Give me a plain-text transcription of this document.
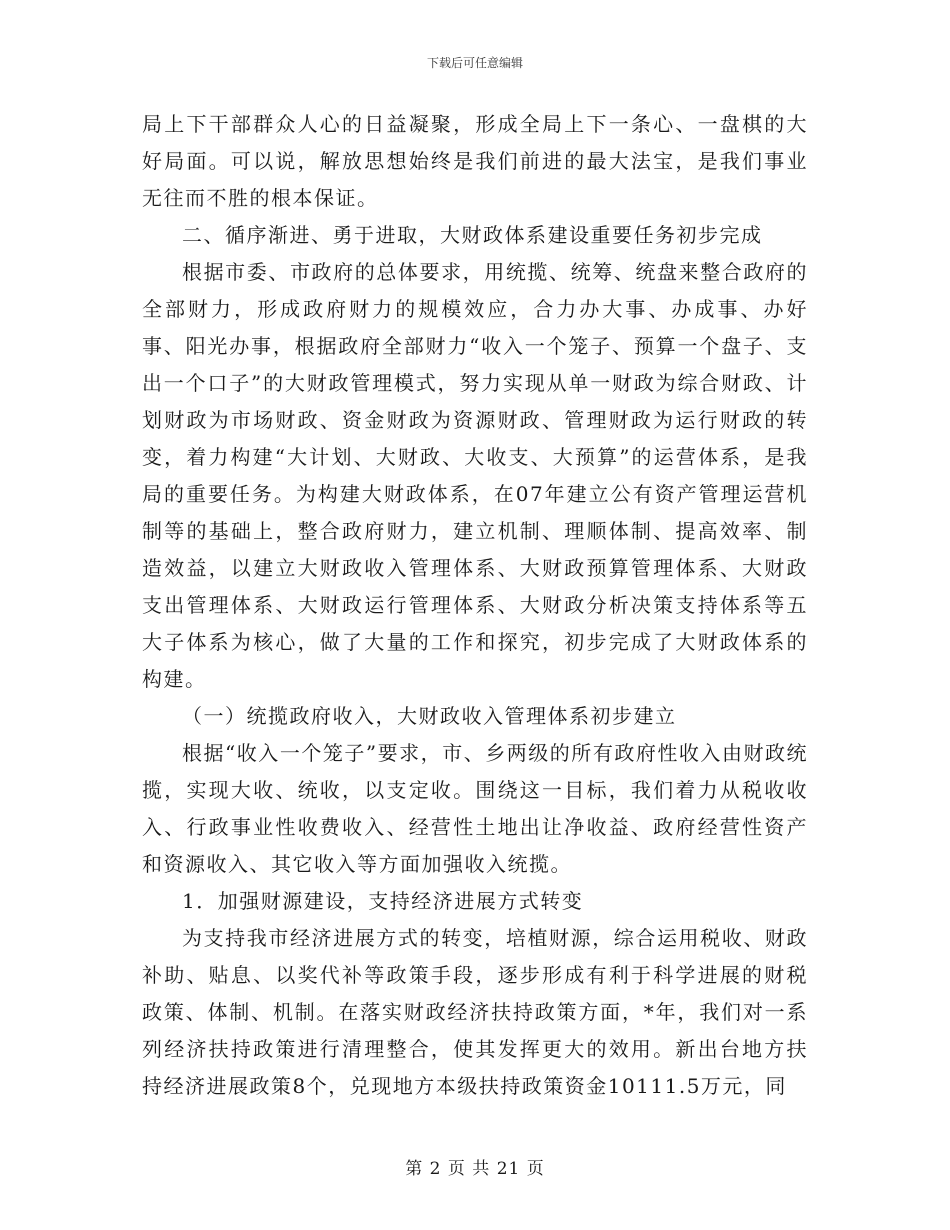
下载后可任意编辑

局上下干部群众人心的日益凝聚，形成全局上下一条心、一盘棋的大好局面。可以说，解放思想始终是我们前进的最大法宝，是我们事业无往而不胜的根本保证。

二、循序渐进、勇于进取，大财政体系建设重要任务初步完成

根据市委、市政府的总体要求，用统揽、统筹、统盘来整合政府的全部财力，形成政府财力的规模效应，合力办大事、办成事、办好事、阳光办事，根据政府全部财力“收入一个笼子、预算一个盘子、支出一个口子”的大财政管理模式，努力实现从单一财政为综合财政、计划财政为市场财政、资金财政为资源财政、管理财政为运行财政的转变，着力构建“大计划、大财政、大收支、大预算”的运营体系，是我局的重要任务。为构建大财政体系，在07年建立公有资产管理运营机制等的基础上，整合政府财力，建立机制、理顺体制、提高效率、制造效益，以建立大财政收入管理体系、大财政预算管理体系、大财政支出管理体系、大财政运行管理体系、大财政分析决策支持体系等五大子体系为核心，做了大量的工作和探究，初步完成了大财政体系的构建。

（一）统揽政府收入，大财政收入管理体系初步建立

根据“收入一个笼子”要求，市、乡两级的所有政府性收入由财政统揽，实现大收、统收，以支定收。围绕这一目标，我们着力从税收收入、行政事业性收费收入、经营性土地出让净收益、政府经营性资产和资源收入、其它收入等方面加强收入统揽。

1．加强财源建设，支持经济进展方式转变

为支持我市经济进展方式的转变，培植财源，综合运用税收、财政补助、贴息、以奖代补等政策手段，逐步形成有利于科学进展的财税政策、体制、机制。在落实财政经济扶持政策方面，*年，我们对一系列经济扶持政策进行清理整合，使其发挥更大的效用。新出台地方扶持经济进展政策8个，兑现地方本级扶持政策资金10111.5万元，同

第 2 页 共 21 页
